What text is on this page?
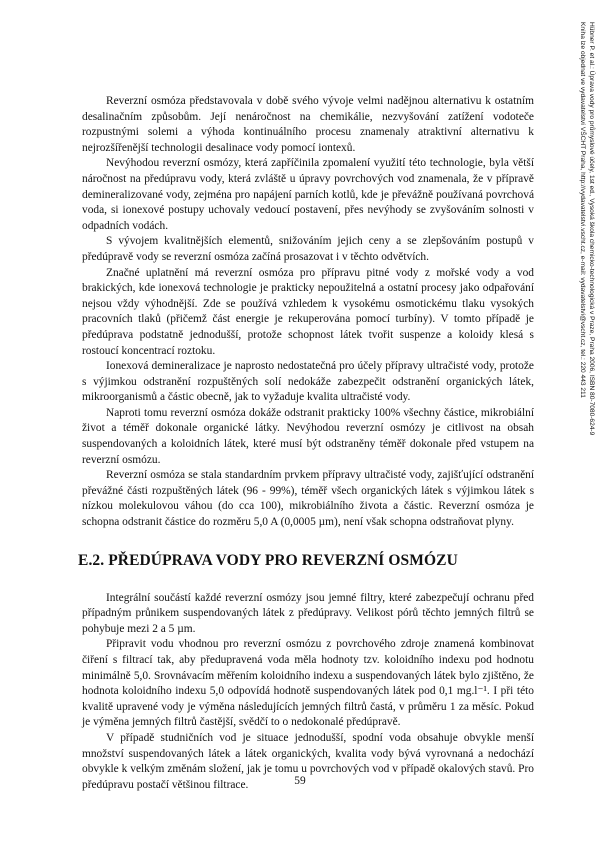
Hübner P. et al.: Úprava vody pro průmyslové účely, 1st ed., Vysoká škola chemicko-technologická v Praze, Praha 2006, ISBN 80-7080-624-9
Kniha lze objednat ve vydavatelství VŠCHT Praha, http://vydavatelstvi.vscht.cz, e-mail: vydavatelstvi@vscht.cz, tel.: 220 443 211

Reverzní osmóza představovala v době svého vývoje velmi nadějnou alternativu k ostatním desalinačním způsobům. Její nenáročnost na chemikálie, nezvyšování zatížení vodoteče rozpustnými solemi a výhoda kontinuálního procesu znamenaly atraktivní alternativu k nejrozšířenější technologii desalinace vody pomocí iontexů.

Nevýhodou reverzní osmózy, která zapříčinila zpomalení využití této technologie, byla větší náročnost na předúpravu vody, která zvláště u úpravy povrchových vod znamenala, že v přípravě demineralizované vody, zejména pro napájení parních kotlů, kde je převážně používaná povrchová voda, si ionexové postupy uchovaly vedoucí postavení, přes nevýhody se zvyšováním solnosti v odpadních vodách.

S vývojem kvalitnějších elementů, snižováním jejich ceny a se zlepšováním postupů v předúpravě vody se reverzní osmóza začíná prosazovat i v těchto odvětvích.

Značné uplatnění má reverzní osmóza pro přípravu pitné vody z mořské vody a vod brakických, kde ionexová technologie je prakticky nepoužitelná a ostatní procesy jako odpařování nejsou vždy výhodnější. Zde se používá vzhledem k vysokému osmotickému tlaku vysokých pracovních tlaků (přičemž část energie je rekuperována pomocí turbíny). V tomto případě je předúprava podstatně jednodušší, protože schopnost látek tvořit suspenze a koloidy klesá s rostoucí koncentrací roztoku.

Ionexová demineralizace je naprosto nedostatečná pro účely přípravy ultračisté vody, protože s výjimkou odstranění rozpuštěných solí nedokáže zabezpečit odstranění organických látek, mikroorganismů a částic obecně, jak to vyžaduje kvalita ultračisté vody.

Naproti tomu reverzní osmóza dokáže odstranit prakticky 100% všechny částice, mikrobiální život a téměř dokonale organické látky. Nevýhodou reverzní osmózy je citlivost na obsah suspendovaných a koloidních látek, které musí být odstraněny téměř dokonale před vstupem na reverzní osmózu.

Reverzní osmóza se stala standardním prvkem přípravy ultračisté vody, zajišťující odstranění převážné části rozpuštěných látek (96 - 99%), téměř všech organických látek s výjimkou látek s nízkou molekulovou váhou (do cca 100), mikrobiálního života a částic. Reverzní osmóza je schopna odstranit částice do rozměru 5,0 A (0,0005 µm), není však schopna odstraňovat plyny.

E.2. PŘEDÚPRAVA VODY PRO REVERZNÍ OSMÓZU

Integrální součástí každé reverzní osmózy jsou jemné filtry, které zabezpečují ochranu před případným průnikem suspendovaných látek z předúpravy. Velikost pórů těchto jemných filtrů se pohybuje mezi 2 a 5 µm.

Připravit vodu vhodnou pro reverzní osmózu z povrchového zdroje znamená kombinovat čiření s filtrací tak, aby předupravená voda měla hodnoty tzv. koloidního indexu pod hodnotu minimálně 5,0. Srovnávacím měřením koloidního indexu a suspendovaných látek bylo zjištěno, že hodnota koloidního indexu 5,0 odpovídá hodnotě suspendovaných látek pod 0,1 mg.l⁻¹. I při této kvalitě upravené vody je výměna následujících jemných filtrů častá, v průměru 1 za měsíc. Pokud je výměna jemných filtrů častější, svědčí to o nedokonalé předúpravě.

V případě studničních vod je situace jednodušší, spodní voda obsahuje obvykle menší množství suspendovaných látek a látek organických, kvalita vody bývá vyrovnaná a nedochází obvykle k velkým změnám složení, jak je tomu u povrchových vod v případě okalových stavů. Pro předúpravu postačí většinou filtrace.	59
